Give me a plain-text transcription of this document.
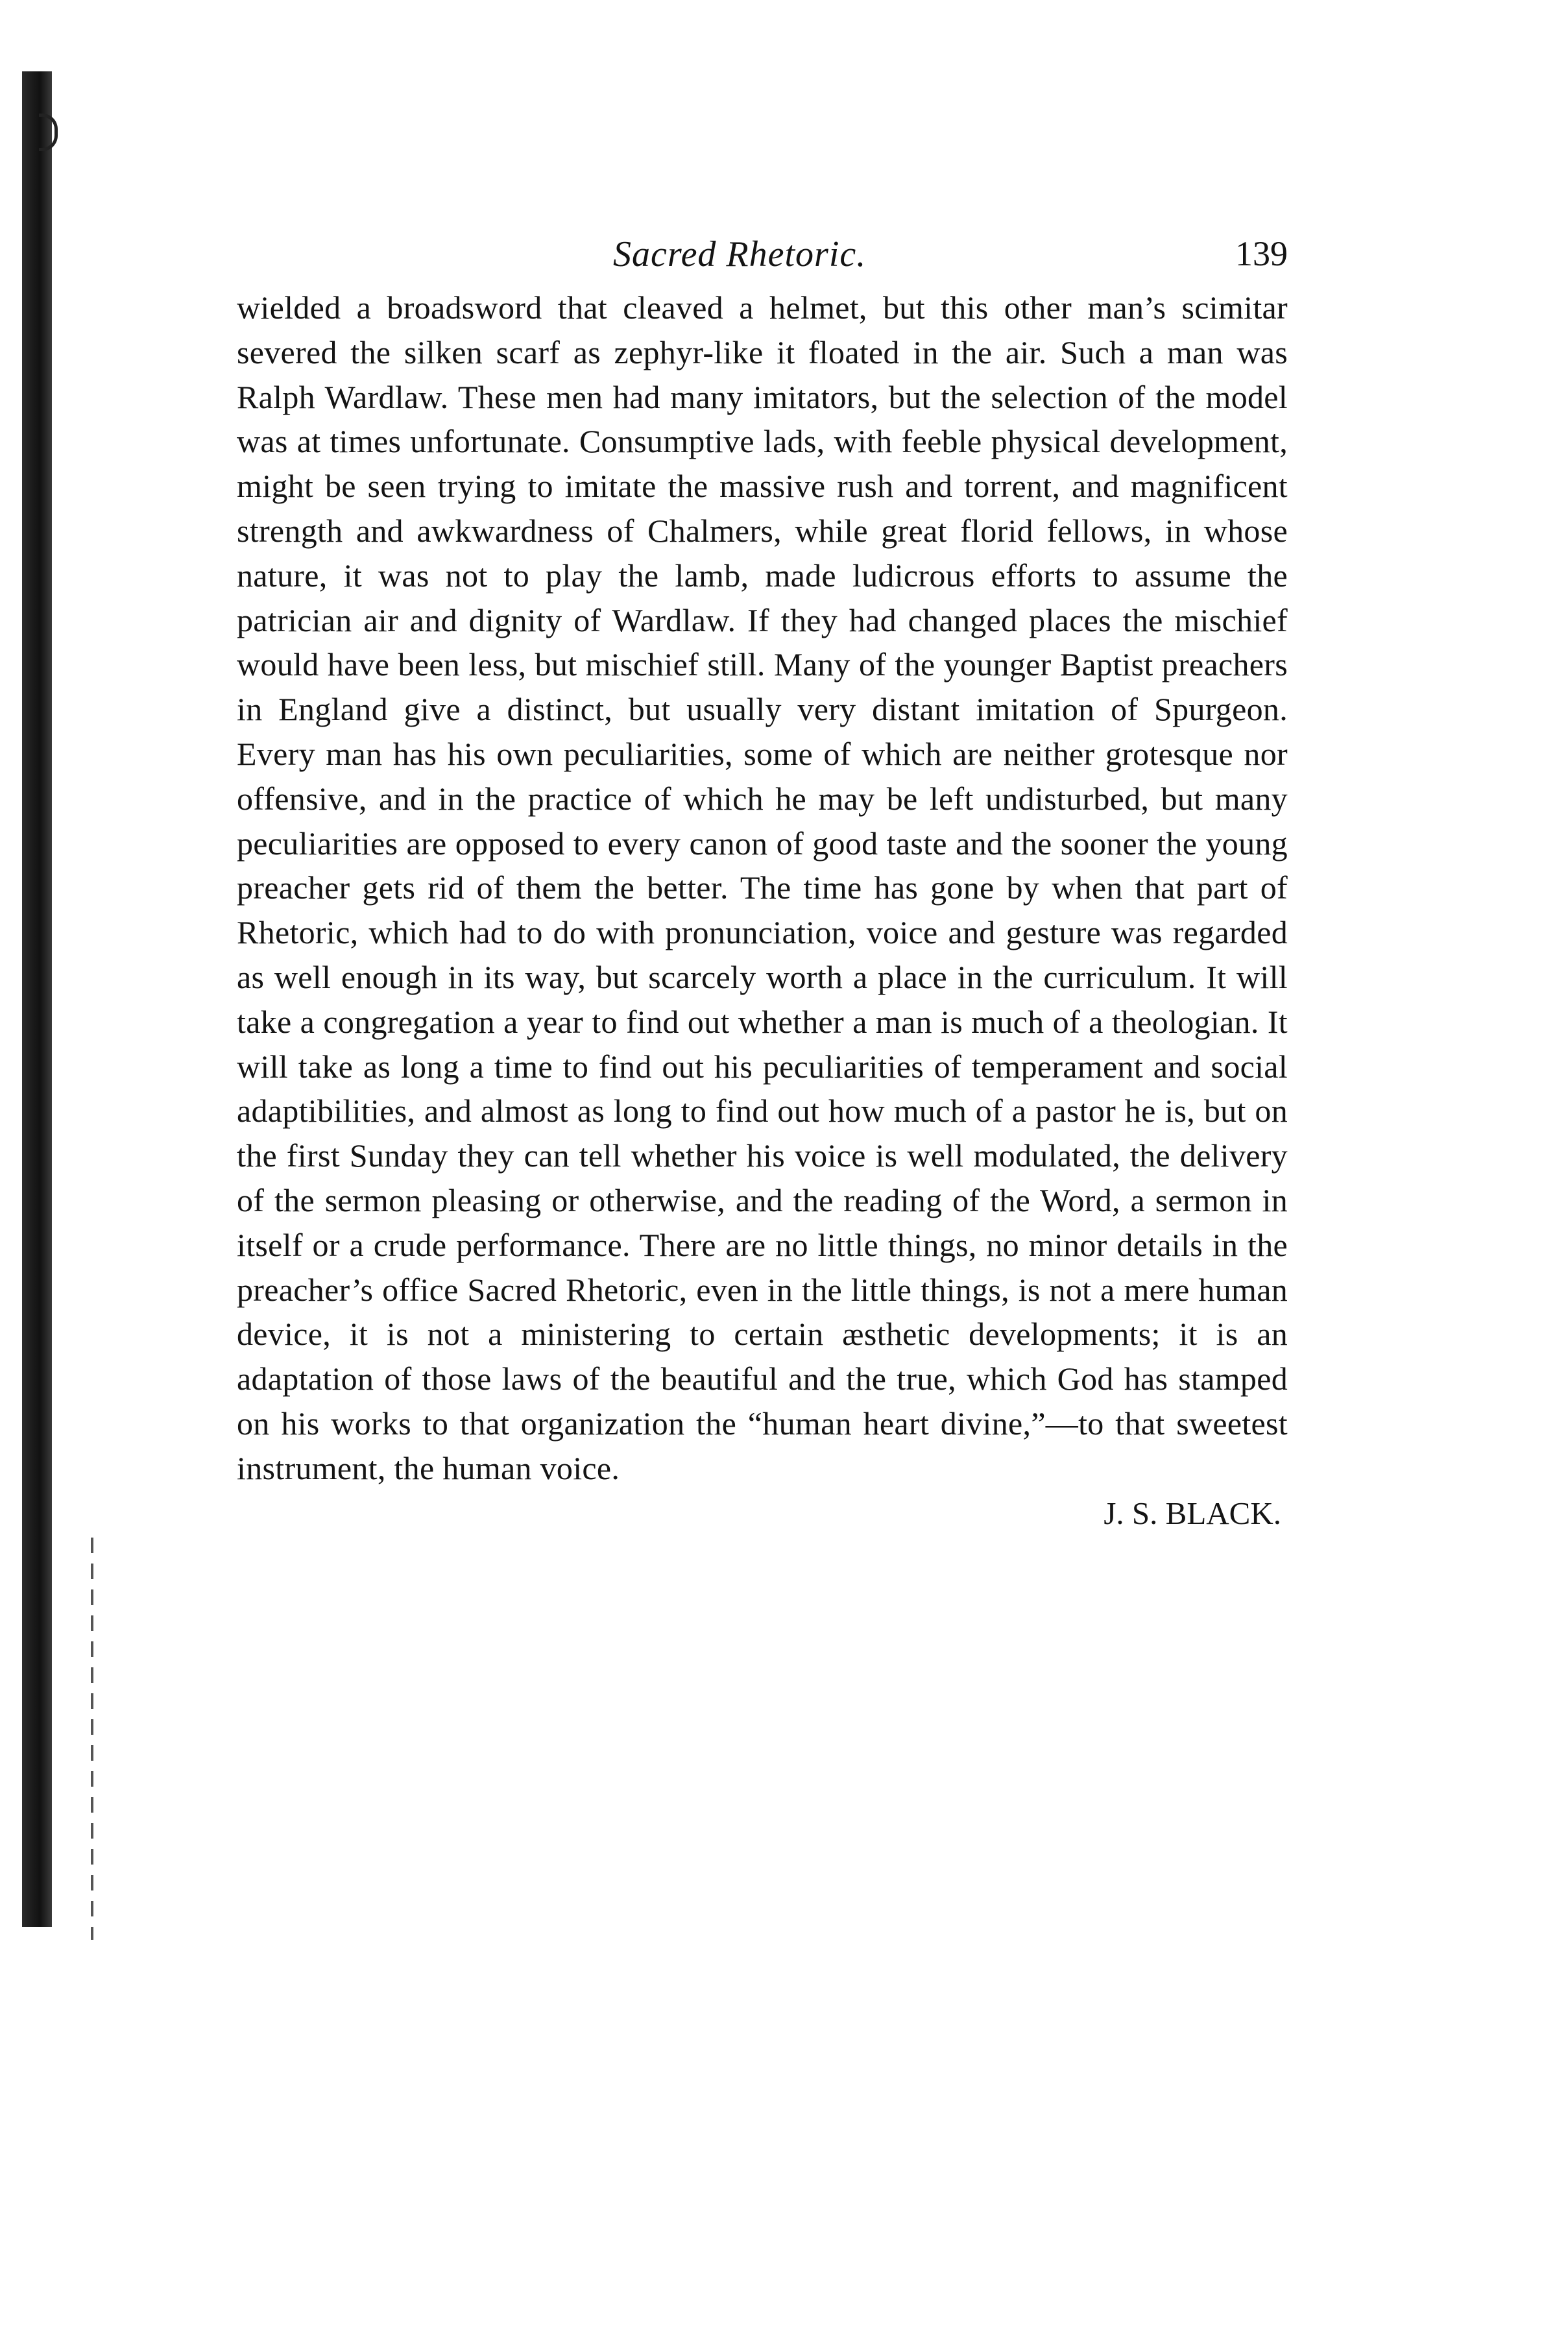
Sacred Rhetoric.	139

wielded a broadsword that cleaved a helmet, but this other man’s scimitar severed the silken scarf as zephyr-like it floated in the air. Such a man was Ralph Wardlaw. These men had many imitators, but the selection of the model was at times unfortunate. Consumptive lads, with feeble physical development, might be seen trying to imitate the massive rush and torrent, and magnificent strength and awkwardness of Chalmers, while great florid fellows, in whose nature, it was not to play the lamb, made ludicrous efforts to assume the patrician air and dignity of Wardlaw. If they had changed places the mischief would have been less, but mischief still. Many of the younger Baptist preachers in England give a distinct, but usually very distant imitation of Spurgeon. Every man has his own peculiarities, some of which are neither grotesque nor offensive, and in the practice of which he may be left undisturbed, but many peculiarities are opposed to every canon of good taste and the sooner the young preacher gets rid of them the better. The time has gone by when that part of Rhetoric, which had to do with pronunciation, voice and gesture was regarded as well enough in its way, but scarcely worth a place in the curriculum. It will take a congregation a year to find out whether a man is much of a theologian. It will take as long a time to find out his peculiarities of temperament and social adaptibilities, and almost as long to find out how much of a pastor he is, but on the first Sunday they can tell whether his voice is well modulated, the delivery of the sermon pleasing or otherwise, and the reading of the Word, a sermon in itself or a crude performance. There are no little things, no minor details in the preacher’s office Sacred Rhetoric, even in the little things, is not a mere human device, it is not a ministering to certain æsthetic developments; it is an adaptation of those laws of the beautiful and the true, which God has stamped on his works to that organization the “human heart divine,”—to that sweetest instrument, the human voice.

J. S. BLACK.
